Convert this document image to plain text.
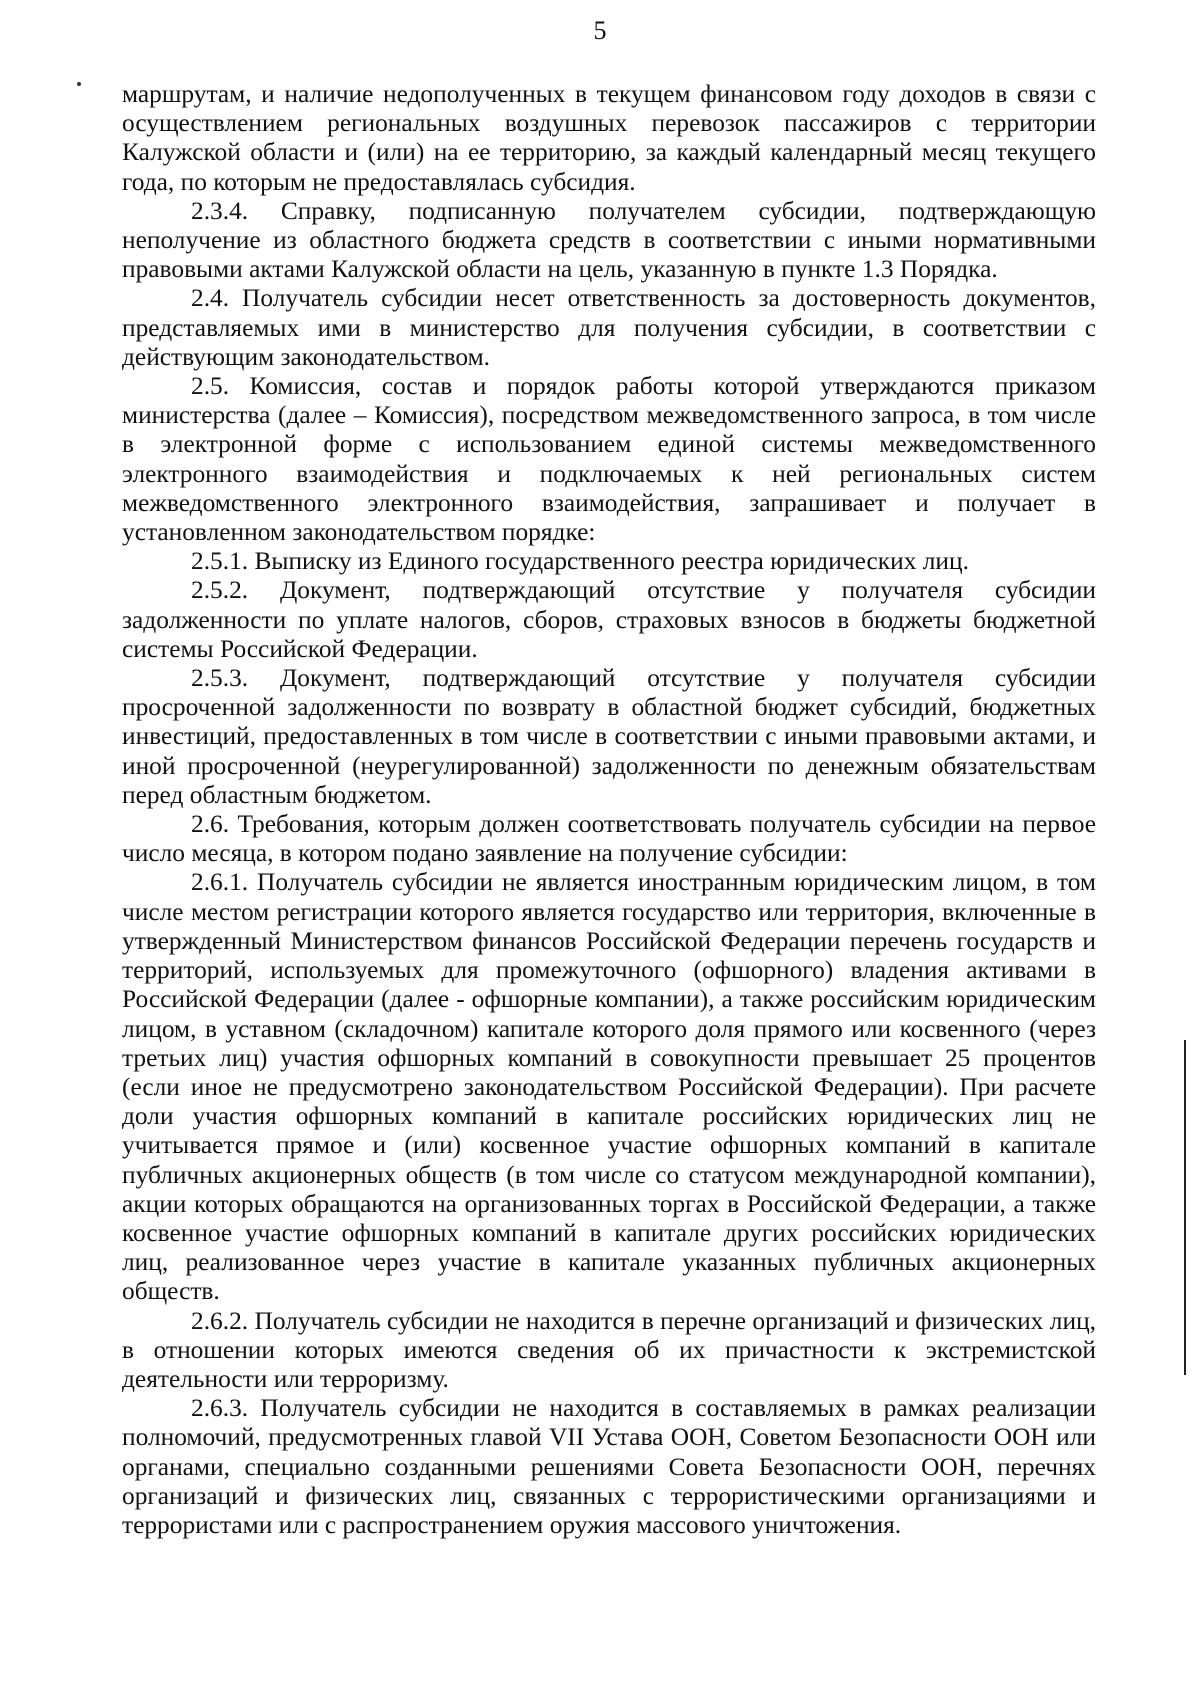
5

маршрутам, и наличие недополученных в текущем финансовом году доходов в связи с осуществлением региональных воздушных перевозок пассажиров с территории Калужской области и (или) на ее территорию, за каждый календарный месяц текущего года, по которым не предоставлялась субсидия.

2.3.4. Справку, подписанную получателем субсидии, подтверждающую неполучение из областного бюджета средств в соответствии с иными нормативными правовыми актами Калужской области на цель, указанную в пункте 1.3 Порядка.

2.4. Получатель субсидии несет ответственность за достоверность документов, представляемых ими в министерство для получения субсидии, в соответствии с действующим законодательством.

2.5. Комиссия, состав и порядок работы которой утверждаются приказом министерства (далее – Комиссия), посредством межведомственного запроса, в том числе в электронной форме с использованием единой системы межведомственного электронного взаимодействия и подключаемых к ней региональных систем межведомственного электронного взаимодействия, запрашивает и получает в установленном законодательством порядке:

2.5.1. Выписку из Единого государственного реестра юридических лиц.

2.5.2. Документ, подтверждающий отсутствие у получателя субсидии задолженности по уплате налогов, сборов, страховых взносов в бюджеты бюджетной системы Российской Федерации.

2.5.3. Документ, подтверждающий отсутствие у получателя субсидии просроченной задолженности по возврату в областной бюджет субсидий, бюджетных инвестиций, предоставленных в том числе в соответствии с иными правовыми актами, и иной просроченной (неурегулированной) задолженности по денежным обязательствам перед областным бюджетом.

2.6. Требования, которым должен соответствовать получатель субсидии на первое число месяца, в котором подано заявление на получение субсидии:

2.6.1. Получатель субсидии не является иностранным юридическим лицом, в том числе местом регистрации которого является государство или территория, включенные в утвержденный Министерством финансов Российской Федерации перечень государств и территорий, используемых для промежуточного (офшорного) владения активами в Российской Федерации (далее - офшорные компании), а также российским юридическим лицом, в уставном (складочном) капитале которого доля прямого или косвенного (через третьих лиц) участия офшорных компаний в совокупности превышает 25 процентов (если иное не предусмотрено законодательством Российской Федерации). При расчете доли участия офшорных компаний в капитале российских юридических лиц не учитывается прямое и (или) косвенное участие офшорных компаний в капитале публичных акционерных обществ (в том числе со статусом международной компании), акции которых обращаются на организованных торгах в Российской Федерации, а также косвенное участие офшорных компаний в капитале других российских юридических лиц, реализованное через участие в капитале указанных публичных акционерных обществ.

2.6.2. Получатель субсидии не находится в перечне организаций и физических лиц, в отношении которых имеются сведения об их причастности к экстремистской деятельности или терроризму.

2.6.3. Получатель субсидии не находится в составляемых в рамках реализации полномочий, предусмотренных главой VII Устава ООН, Советом Безопасности ООН или органами, специально созданными решениями Совета Безопасности ООН, перечнях организаций и физических лиц, связанных с террористическими организациями и террористами или с распространением оружия массового уничтожения.
